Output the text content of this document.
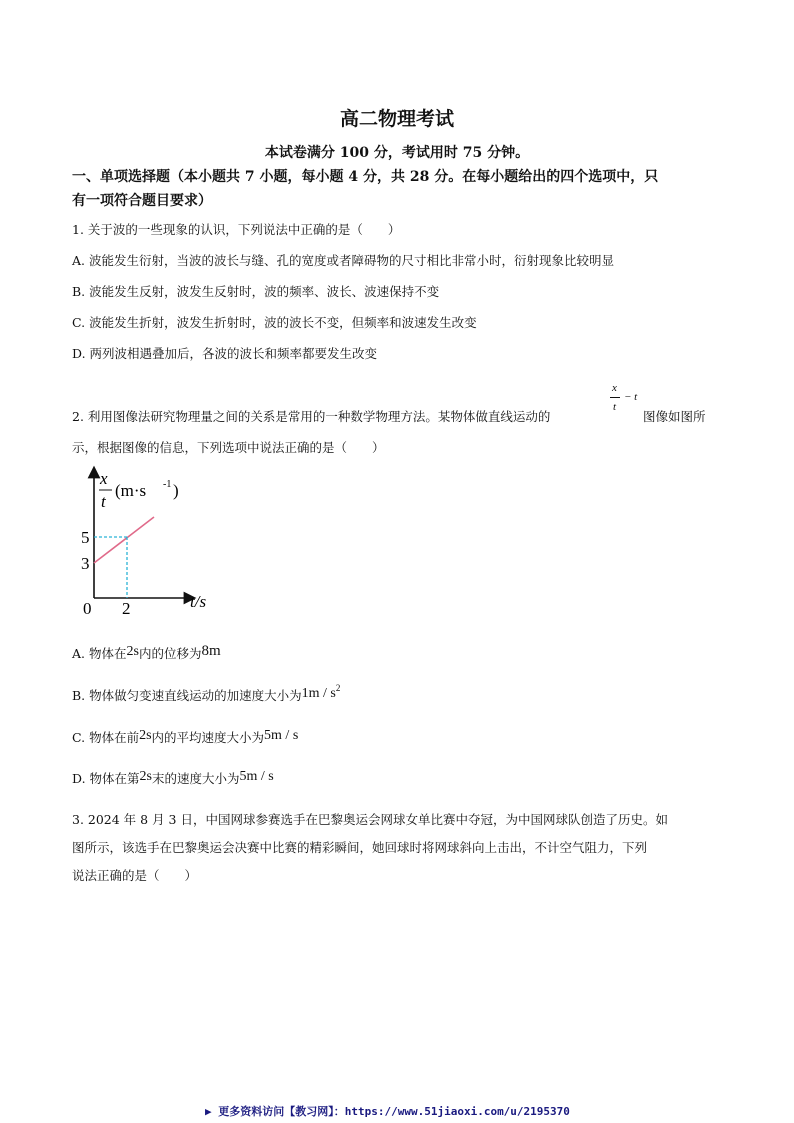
高二物理考试
本试卷满分 100 分，考试用时 75 分钟。
一、单项选择题（本小题共 7 小题，每小题 4 分，共 28 分。在每小题给出的四个选项中，只
有一项符合题目要求）
1. 关于波的一些现象的认识，下列说法中正确的是（　　）
A. 波能发生衍射，当波的波长与缝、孔的宽度或者障碍物的尺寸相比非常小时，衍射现象比较明显
B. 波能发生反射，波发生反射时，波的频率、波长、波速保持不变
C. 波能发生折射，波发生折射时，波的波长不变，但频率和波速发生改变
D. 两列波相遇叠加后，各波的波长和频率都要发生改变
2. 利用图像法研究物理量之间的关系是常用的一种数学物理方法。某物体做直线运动的
x
t
− t
图像如图所
示，根据图像的信息，下列选项中说法正确的是（　　）
x
t
(m·s -1 )
5
3
0 2	t/s
A. 物体在2s内的位移为8m
B. 物体做匀变速直线运动的加速度大小为$1m / s^2$
C. 物体在前2s内的平均速度大小为5m / s
D. 物体在第2s末的速度大小为5m / s
3. 2024 年 8 月 3 日，中国网球参赛选手在巴黎奥运会网球女单比赛中夺冠，为中国网球队创造了历史。如
图所示，该选手在巴黎奥运会决赛中比赛的精彩瞬间，她回球时将网球斜向上击出，不计空气阻力，下列
说法正确的是（　　）
▶ 更多资料访问【教习网】：https://www.51jiaoxi.com/u/2195370
